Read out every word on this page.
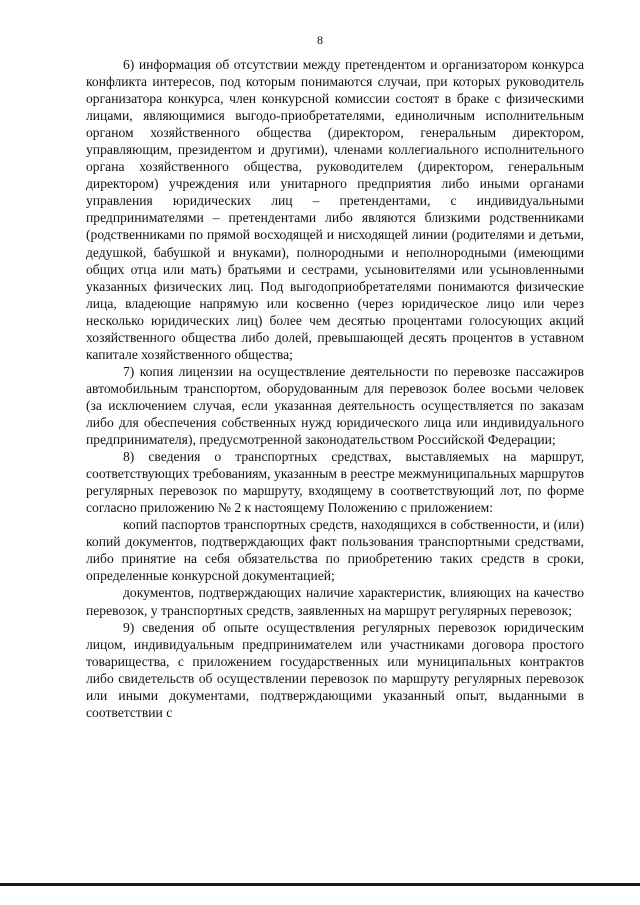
8

6) информация об отсутствии между претендентом и организатором конкурса конфликта интересов, под которым понимаются случаи, при которых руководитель организатора конкурса, член конкурсной комиссии состоят в браке с физическими лицами, являющимися выгодо-приобретателями, единоличным исполнительным органом хозяйственного общества (директором, генеральным директором, управляющим, президентом и другими), членами коллегиального исполнительного органа хозяйственного общества, руководителем (директором, генеральным директором) учреждения или унитарного предприятия либо иными органами управления юридических лиц – претендентами, с индивидуальными предпринимателями – претендентами либо являются близкими родственниками (родственниками по прямой восходящей и нисходящей линии (родителями и детьми, дедушкой, бабушкой и внуками), полнородными и неполнородными (имеющими общих отца или мать) братьями и сестрами, усыновителями или усыновленными указанных физических лиц. Под выгодоприобретателями понимаются физические лица, владеющие напрямую или косвенно (через юридическое лицо или через несколько юридических лиц) более чем десятью процентами голосующих акций хозяйственного общества либо долей, превышающей десять процентов в уставном капитале хозяйственного общества;

7) копия лицензии на осуществление деятельности по перевозке пассажиров автомобильным транспортом, оборудованным для перевозок более восьми человек (за исключением случая, если указанная деятельность осуществляется по заказам либо для обеспечения собственных нужд юридического лица или индивидуального предпринимателя), предусмотренной законодательством Российской Федерации;

8) сведения о транспортных средствах, выставляемых на маршрут, соответствующих требованиям, указанным в реестре межмуниципальных маршрутов регулярных перевозок по маршруту, входящему в соответствующий лот, по форме согласно приложению № 2 к настоящему Положению с приложением:

копий паспортов транспортных средств, находящихся в собственности, и (или) копий документов, подтверждающих факт пользования транспортными средствами, либо принятие на себя обязательства по приобретению таких средств в сроки, определенные конкурсной документацией;

документов, подтверждающих наличие характеристик, влияющих на качество перевозок, у транспортных средств, заявленных на маршрут регулярных перевозок;

9) сведения об опыте осуществления регулярных перевозок юридическим лицом, индивидуальным предпринимателем или участниками договора простого товарищества, с приложением государственных или муниципальных контрактов либо свидетельств об осуществлении перевозок по маршруту регулярных перевозок или иными документами, подтверждающими указанный опыт, выданными в соответствии с
